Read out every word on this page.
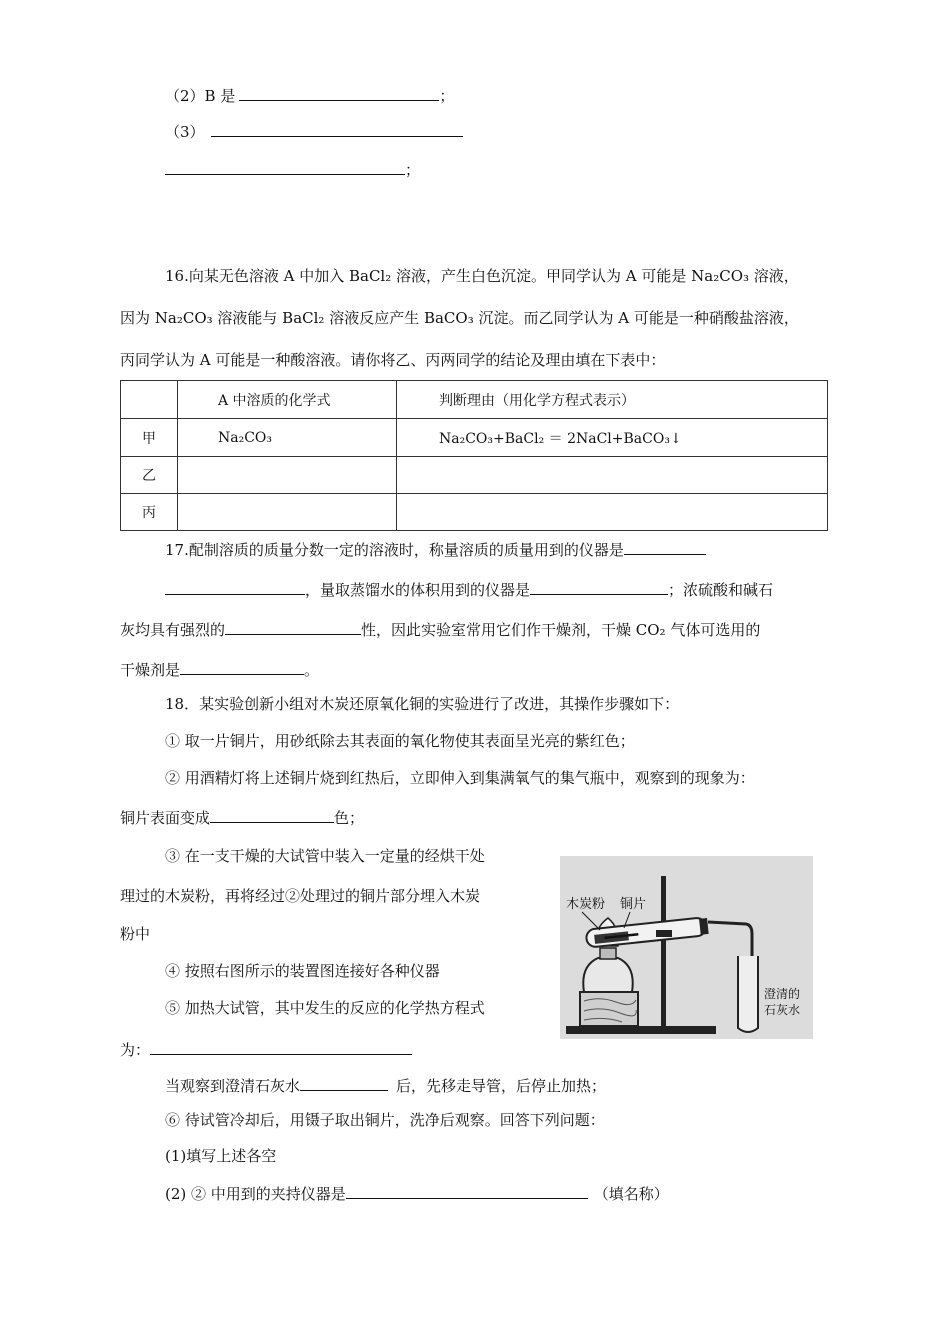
（2）B 是	；
（3）
；
16.向某无色溶液 A 中加入 BaCl₂ 溶液，产生白色沉淀。甲同学认为 A 可能是 Na₂CO₃ 溶液，
因为 Na₂CO₃ 溶液能与 BaCl₂ 溶液反应产生 BaCO₃ 沉淀。而乙同学认为 A 可能是一种硝酸盐溶液，
丙同学认为 A 可能是一种酸溶液。请你将乙、丙两同学的结论及理由填在下表中：
	A 中溶质的化学式	判断理由（用化学方程式表示）
甲	Na₂CO₃	Na₂CO₃+BaCl₂ ＝ 2NaCl+BaCO₃↓
乙		
丙		
17.配制溶质的质量分数一定的溶液时，称量溶质的质量用到的仪器是
，量取蒸馏水的体积用到的仪器是	；浓硫酸和碱石
灰均具有强烈的	性，因此实验室常用它们作干燥剂，干燥 CO₂ 气体可选用的
干燥剂是	。
18．某实验创新小组对木炭还原氧化铜的实验进行了改进，其操作步骤如下：
① 取一片铜片，用砂纸除去其表面的氧化物使其表面呈光亮的紫红色；
② 用酒精灯将上述铜片烧到红热后，立即伸入到集满氧气的集气瓶中，观察到的现象为：
铜片表面变成	色；
③ 在一支干燥的大试管中装入一定量的经烘干处
理过的木炭粉，再将经过②处理过的铜片部分埋入木炭
粉中
④ 按照右图所示的装置图连接好各种仪器
⑤ 加热大试管，其中发生的反应的化学热方程式
为：
当观察到澄清石灰水	后，先移走导管，后停止加热；
⑥ 待试管冷却后，用镊子取出铜片，洗净后观察。回答下列问题：
(1)填写上述各空
(2) ② 中用到的夹持仪器是	（填名称）
木炭粉 铜片
澄清的
石灰水
